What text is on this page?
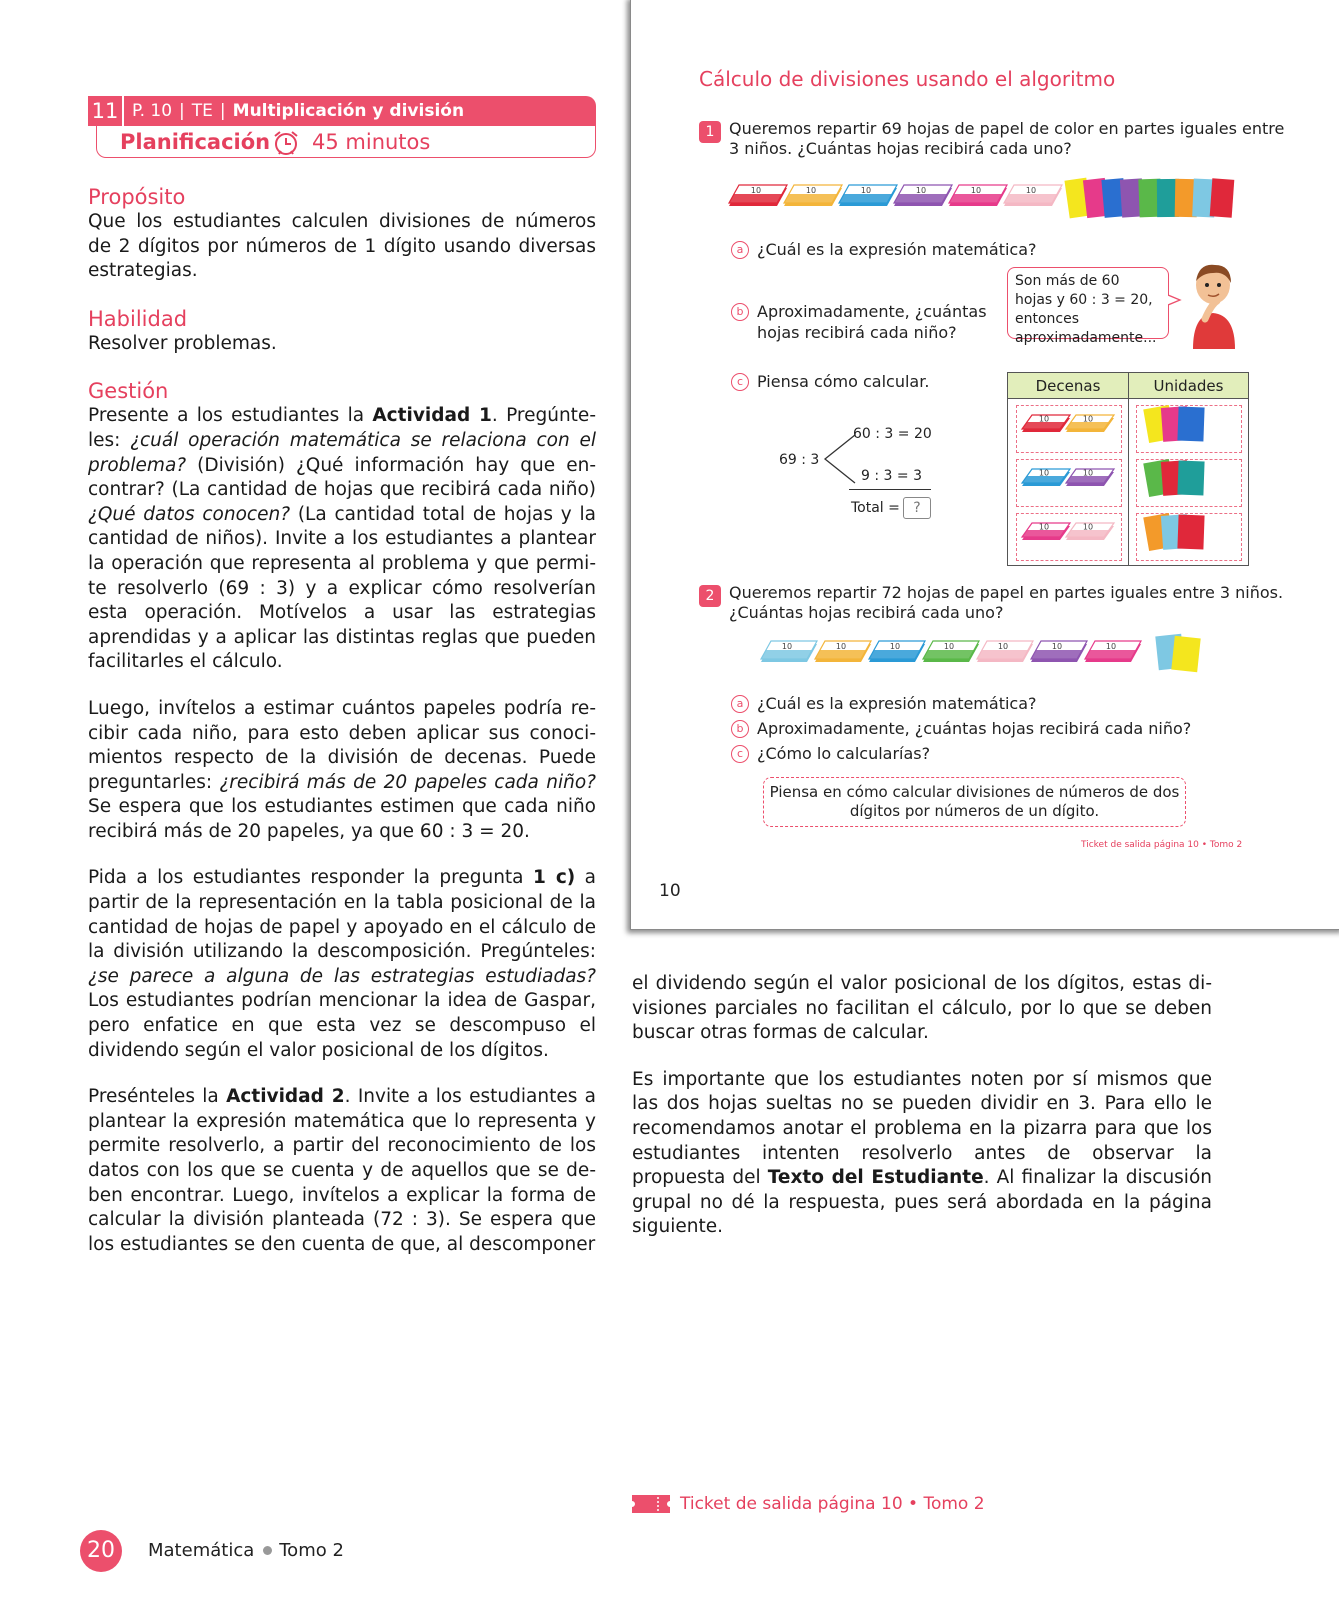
11 P. 10 | TE | Multiplicación y división
Planificación 45 minutos
Propósito
Que los estudiantes calculen divisiones de números de 2 dígitos por números de 1 dígito usando diversas estrategias.
Habilidad
Resolver problemas.
Gestión
Presente a los estudiantes la Actividad 1. Pregúnteles: ¿cuál operación matemática se relaciona con el problema? (División) ¿Qué información hay que encontrar? (La cantidad de hojas que recibirá cada niño) ¿Qué datos conocen? (La cantidad total de hojas y la cantidad de niños). Invite a los estudiantes a plantear la operación que representa al problema y que permite resolverlo (69 : 3) y a explicar cómo resolverían esta operación. Motívelos a usar las estrategias aprendidas y a aplicar las distintas reglas que pueden facilitarles el cálculo.
Luego, invítelos a estimar cuántos papeles podría recibir cada niño, para esto deben aplicar sus conocimientos respecto de la división de decenas. Puede preguntarles: ¿recibirá más de 20 papeles cada niño? Se espera que los estudiantes estimen que cada niño recibirá más de 20 papeles, ya que 60 : 3 = 20.
Pida a los estudiantes responder la pregunta 1 c) a partir de la representación en la tabla posicional de la cantidad de hojas de papel y apoyado en el cálculo de la división utilizando la descomposición. Pregúnteles: ¿se parece a alguna de las estrategias estudiadas? Los estudiantes podrían mencionar la idea de Gaspar, pero enfatice en que esta vez se descompuso el dividendo según el valor posicional de los dígitos.
Presénteles la Actividad 2. Invite a los estudiantes a plantear la expresión matemática que lo representa y permite resolverlo, a partir del reconocimiento de los datos con los que se cuenta y de aquellos que se deben encontrar. Luego, invítelos a explicar la forma de calcular la división planteada (72 : 3). Se espera que los estudiantes se den cuenta de que, al descomponer
Cálculo de divisiones usando el algoritmo
1 Queremos repartir 69 hojas de papel de color en partes iguales entre 3 niños. ¿Cuántas hojas recibirá cada uno?
10	10	10	10	10	10
a ¿Cuál es la expresión matemática?
b Aproximadamente, ¿cuántas hojas recibirá cada niño?
Son más de 60 hojas y 60 : 3 = 20, entonces aproximadamente...
c Piensa cómo calcular.
69 : 3
60 : 3 = 20
9 : 3 = 3
Total = ?
Decenas	Unidades
10	10
10	10
10	10
2 Queremos repartir 72 hojas de papel en partes iguales entre 3 niños. ¿Cuántas hojas recibirá cada uno?
10	10	10	10	10	10	10
a ¿Cuál es la expresión matemática?
b Aproximadamente, ¿cuántas hojas recibirá cada niño?
c ¿Cómo lo calcularías?
Piensa en cómo calcular divisiones de números de dos dígitos por números de un dígito.
Ticket de salida página 10 • Tomo 2
10
el dividendo según el valor posicional de los dígitos, estas divisiones parciales no facilitan el cálculo, por lo que se deben buscar otras formas de calcular.
Es importante que los estudiantes noten por sí mismos que las dos hojas sueltas no se pueden dividir en 3. Para ello le recomendamos anotar el problema en la pizarra para que los estudiantes intenten resolverlo antes de observar la propuesta del Texto del Estudiante. Al finalizar la discusión grupal no dé la respuesta, pues será abordada en la página siguiente.
Ticket de salida página 10 • Tomo 2
20	Matemática Tomo 2
